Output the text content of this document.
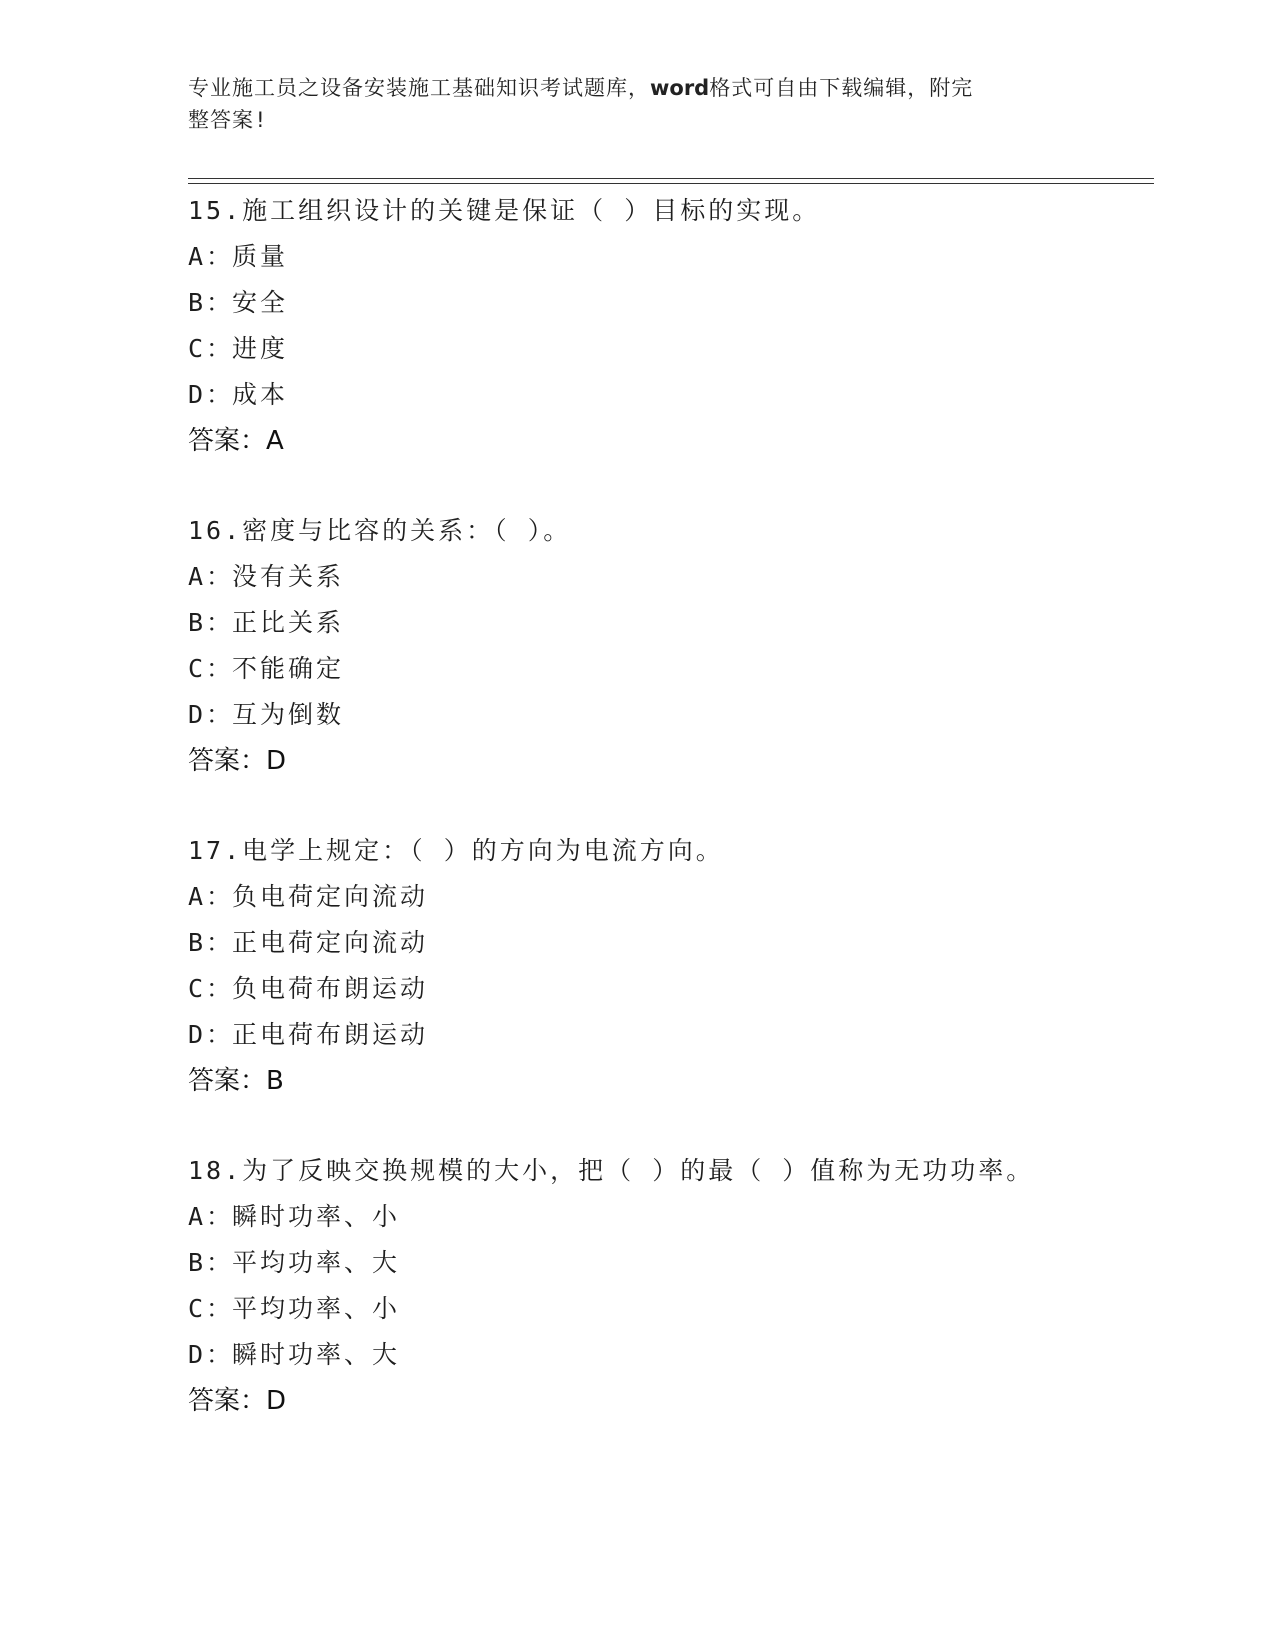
专业施工员之设备安装施工基础知识考试题库，word格式可自由下载编辑，附完
整答案!
15.施工组织设计的关键是保证（ ）目标的实现。
A：质量
B：安全
C：进度
D：成本
答案：A
16.密度与比容的关系：（ ）。
A：没有关系
B：正比关系
C：不能确定
D：互为倒数
答案：D
17.电学上规定：（ ）的方向为电流方向。
A：负电荷定向流动
B：正电荷定向流动
C：负电荷布朗运动
D：正电荷布朗运动
答案：B
18.为了反映交换规模的大小，把（ ）的最（ ）值称为无功功率。
A：瞬时功率、小
B：平均功率、大
C：平均功率、小
D：瞬时功率、大
答案：D
